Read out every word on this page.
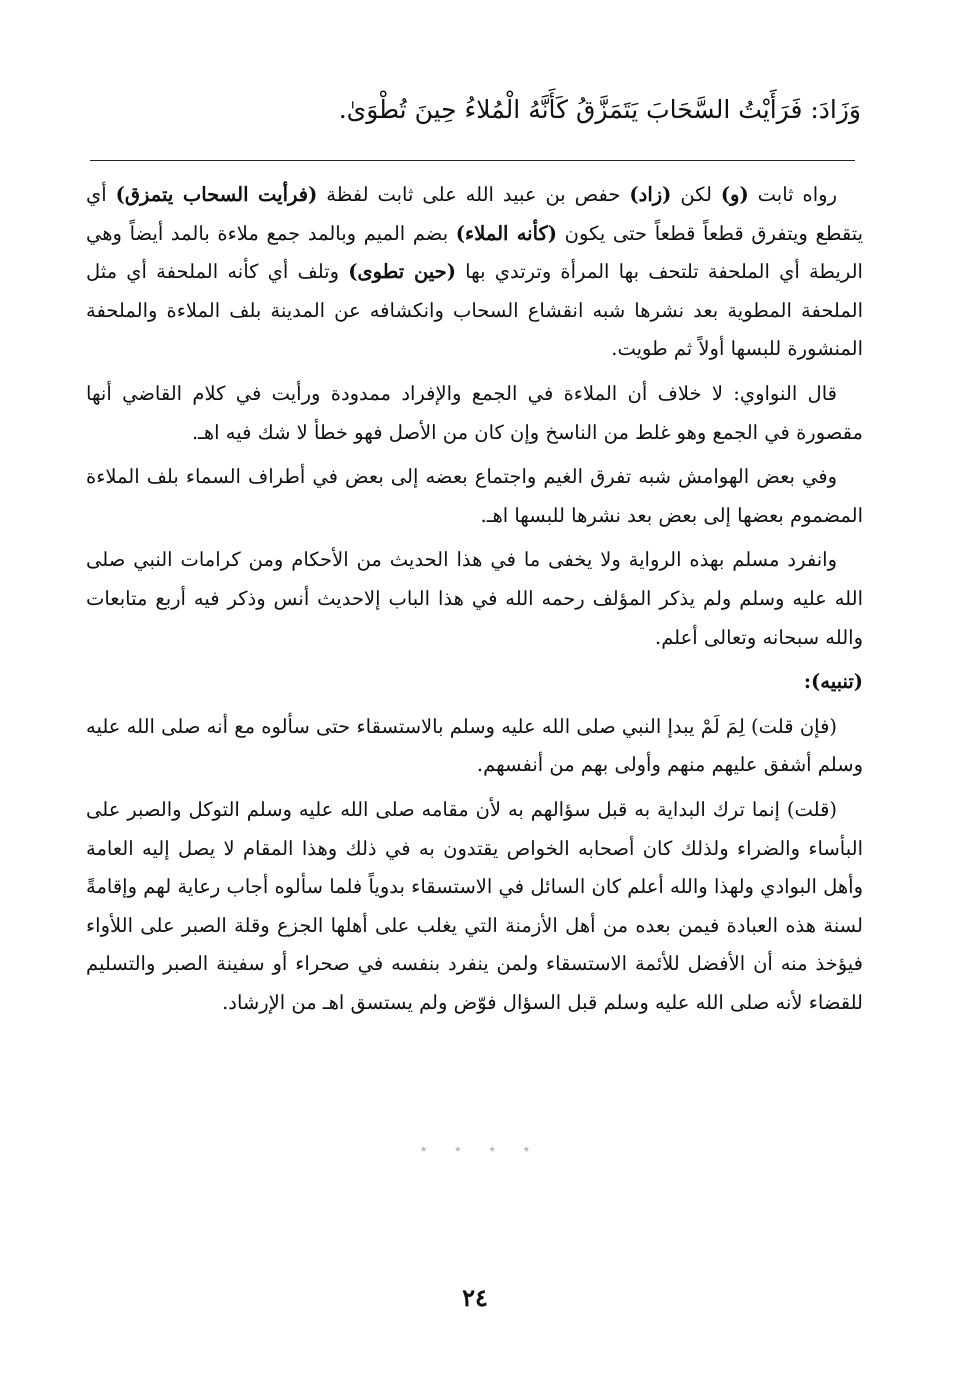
وَزَادَ: فَرَأَيْتُ السَّحَابَ يَتَمَزَّقُ كَأَنَّهُ الْمُلاءُ حِينَ تُطْوَىٰ.

رواه ثابت (و) لكن (زاد) حفص بن عبيد الله على ثابت لفظة (فرأيت السحاب يتمزق) أي يتقطع ويتفرق قطعاً قطعاً حتى يكون (كأنه الملاء) بضم الميم وبالمد جمع ملاءة بالمد أيضاً وهي الريطة أي الملحفة تلتحف بها المرأة وترتدي بها (حين تطوى) وتلف أي كأنه الملحفة أي مثل الملحفة المطوية بعد نشرها شبه انقشاع السحاب وانكشافه عن المدينة بلف الملاءة والملحفة المنشورة للبسها أولاً ثم طويت.

قال النواوي: لا خلاف أن الملاءة في الجمع والإفراد ممدودة ورأيت في كلام القاضي أنها مقصورة في الجمع وهو غلط من الناسخ وإن كان من الأصل فهو خطأ لا شك فيه اهـ.

وفي بعض الهوامش شبه تفرق الغيم واجتماع بعضه إلى بعض في أطراف السماء بلف الملاءة المضموم بعضها إلى بعض بعد نشرها للبسها اهـ.

وانفرد مسلم بهذه الرواية ولا يخفى ما في هذا الحديث من الأحكام ومن كرامات النبي صلى الله عليه وسلم ولم يذكر المؤلف رحمه الله في هذا الباب إلاحديث أنس وذكر فيه أربع متابعات والله سبحانه وتعالى أعلم.

(تنبيه):

(فإن قلت) لِمَ لَمْ يبدإ النبي صلى الله عليه وسلم بالاستسقاء حتى سألوه مع أنه صلى الله عليه وسلم أشفق عليهم منهم وأولى بهم من أنفسهم.

(قلت) إنما ترك البداية به قبل سؤالهم به لأن مقامه صلى الله عليه وسلم التوكل والصبر على البأساء والضراء ولذلك كان أصحابه الخواص يقتدون به في ذلك وهذا المقام لا يصل إليه العامة وأهل البوادي ولهذا والله أعلم كان السائل في الاستسقاء بدوياً فلما سألوه أجاب رعاية لهم وإقامةً لسنة هذه العبادة فيمن بعده من أهل الأزمنة التي يغلب على أهلها الجزع وقلة الصبر على اللأواء فيؤخذ منه أن الأفضل للأئمة الاستسقاء ولمن ينفرد بنفسه في صحراء أو سفينة الصبر والتسليم للقضاء لأنه صلى الله عليه وسلم قبل السؤال فوّض ولم يستسق اهـ من الإرشاد.

٭ ٭ ٭ ٭
٢٤
